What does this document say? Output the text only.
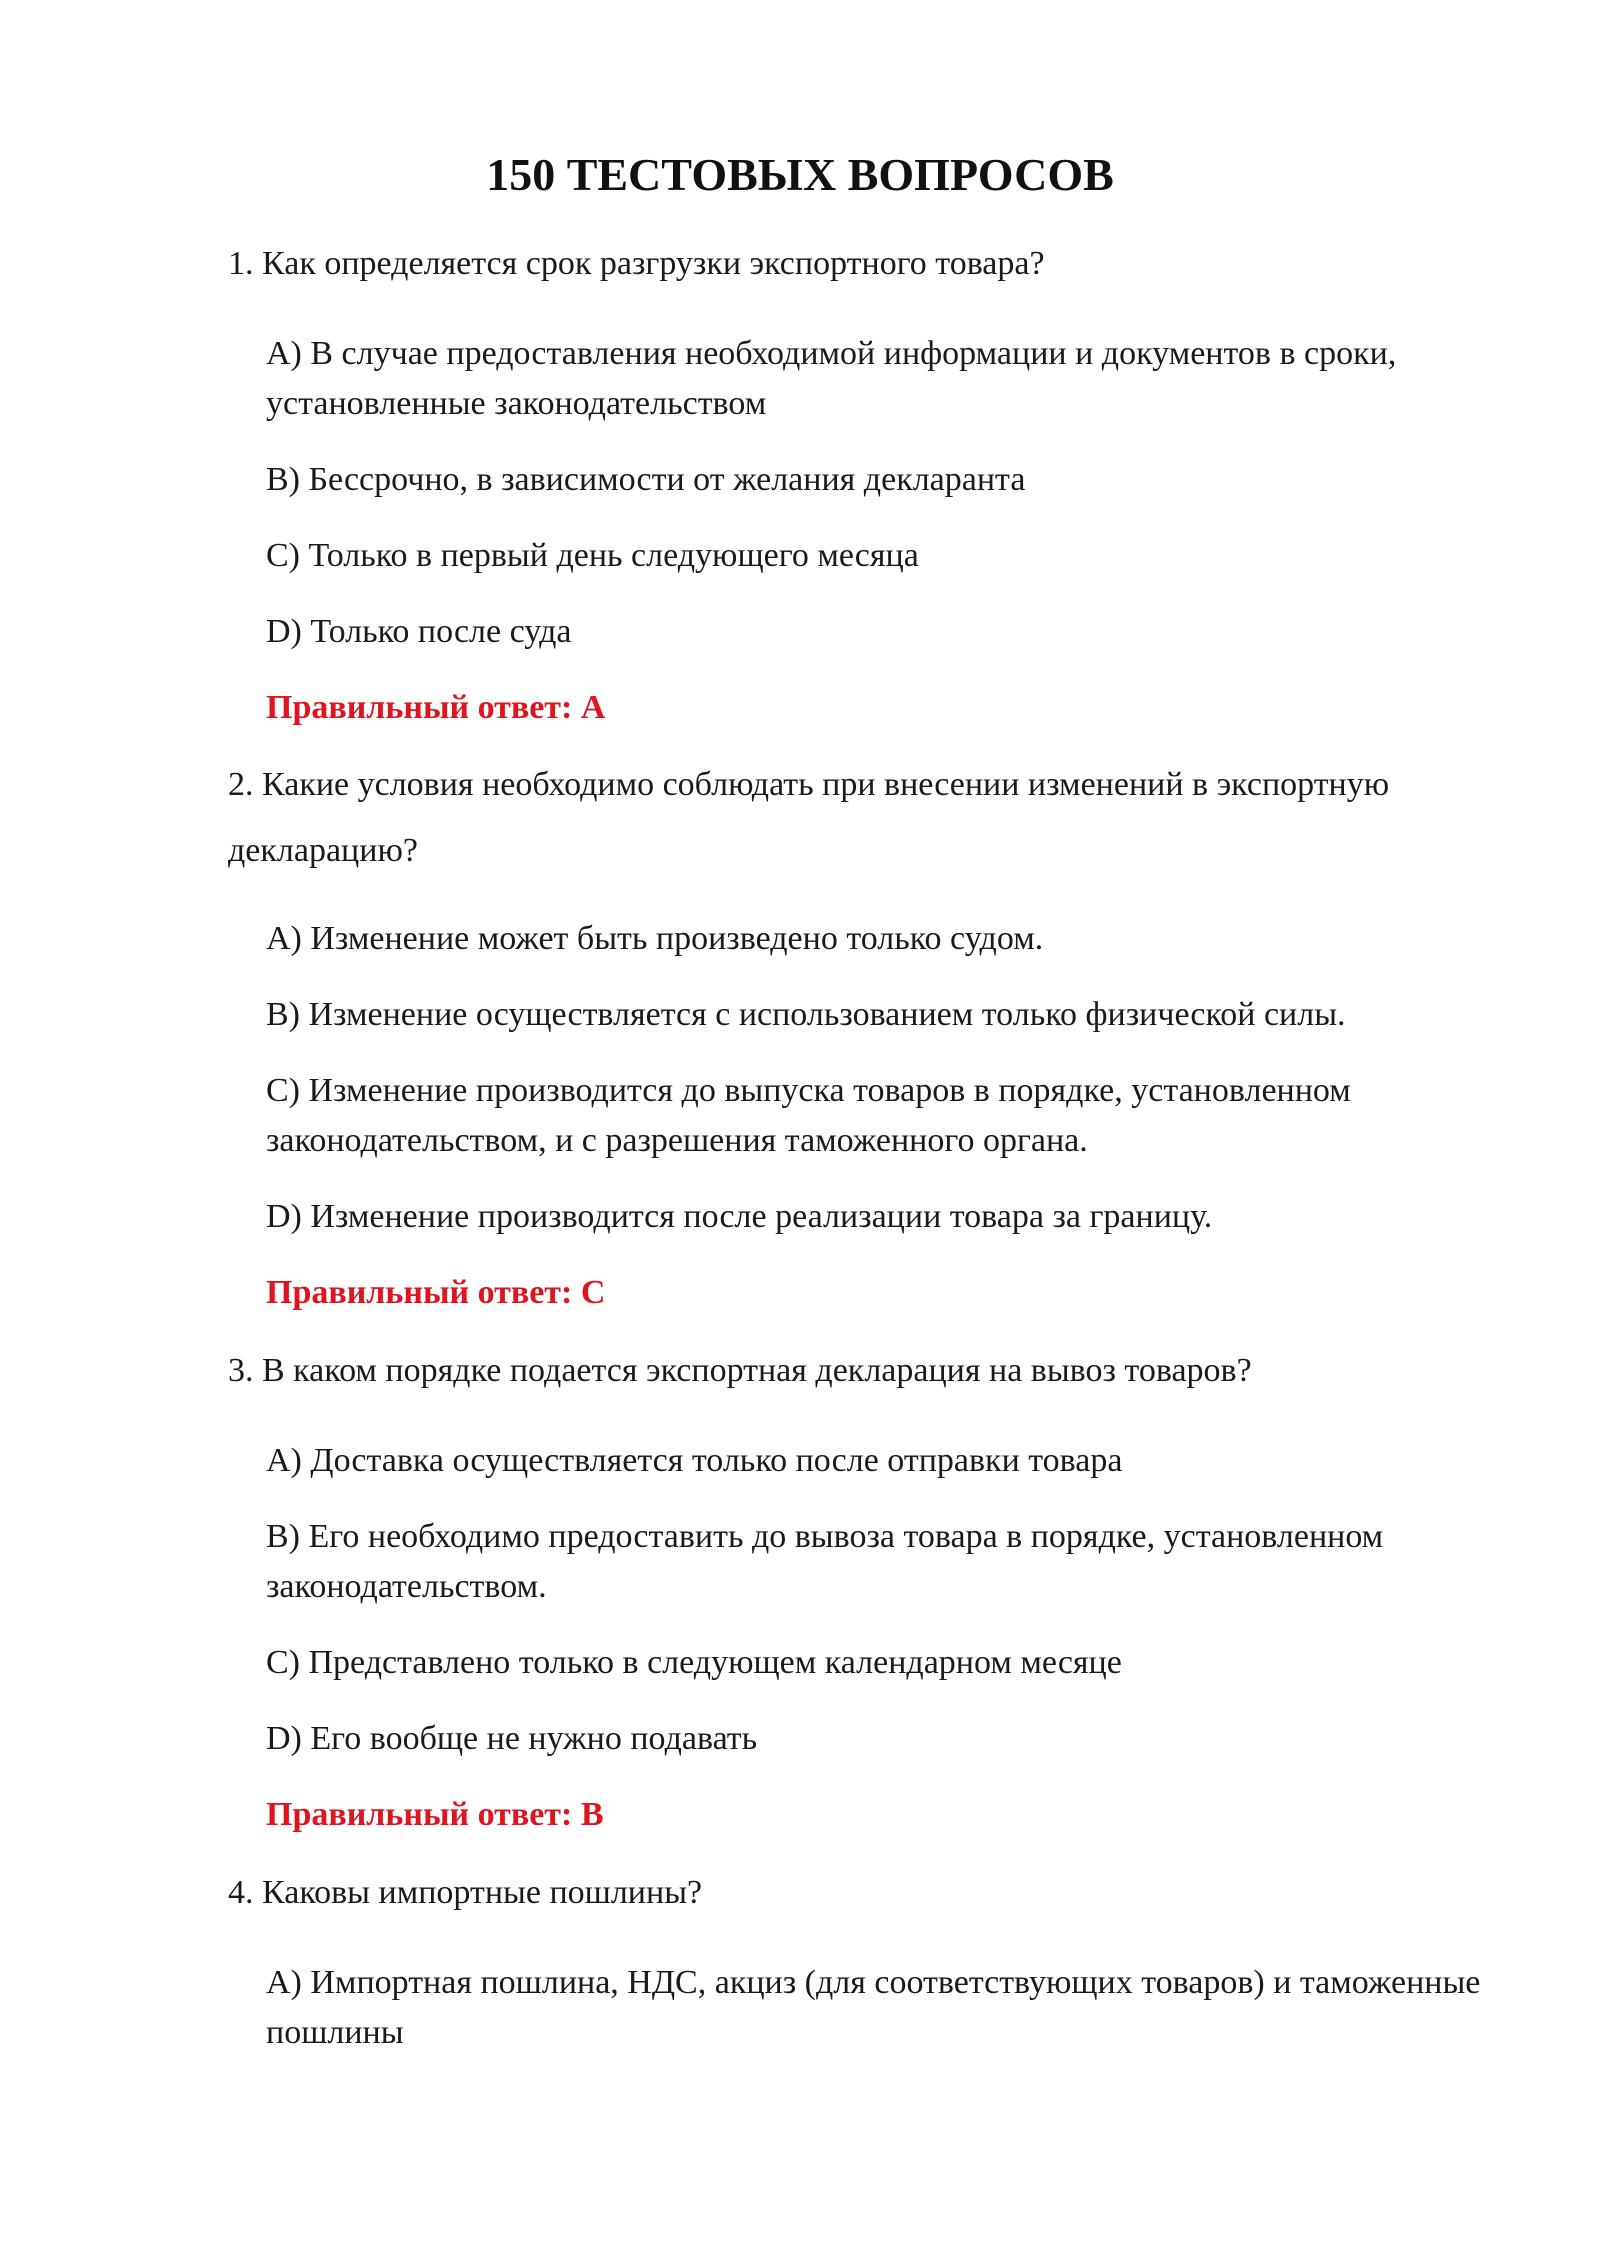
150 ТЕСТОВЫХ ВОПРОСОВ

1. Как определяется срок разгрузки экспортного товара?

A) В случае предоставления необходимой информации и документов в сроки, установленные законодательством

B) Бессрочно, в зависимости от желания декларанта

C) Только в первый день следующего месяца

D) Только после суда

Правильный ответ: A

2. Какие условия необходимо соблюдать при внесении изменений в экспортную декларацию?

A) Изменение может быть произведено только судом.

B) Изменение осуществляется с использованием только физической силы.

C) Изменение производится до выпуска товаров в порядке, установленном законодательством, и с разрешения таможенного органа.

D) Изменение производится после реализации товара за границу.

Правильный ответ: C

3. В каком порядке подается экспортная декларация на вывоз товаров?

A) Доставка осуществляется только после отправки товара

B) Его необходимо предоставить до вывоза товара в порядке, установленном законодательством.

C) Представлено только в следующем календарном месяце

D) Его вообще не нужно подавать

Правильный ответ: B

4. Каковы импортные пошлины?

A) Импортная пошлина, НДС, акциз (для соответствующих товаров) и таможенные пошлины
